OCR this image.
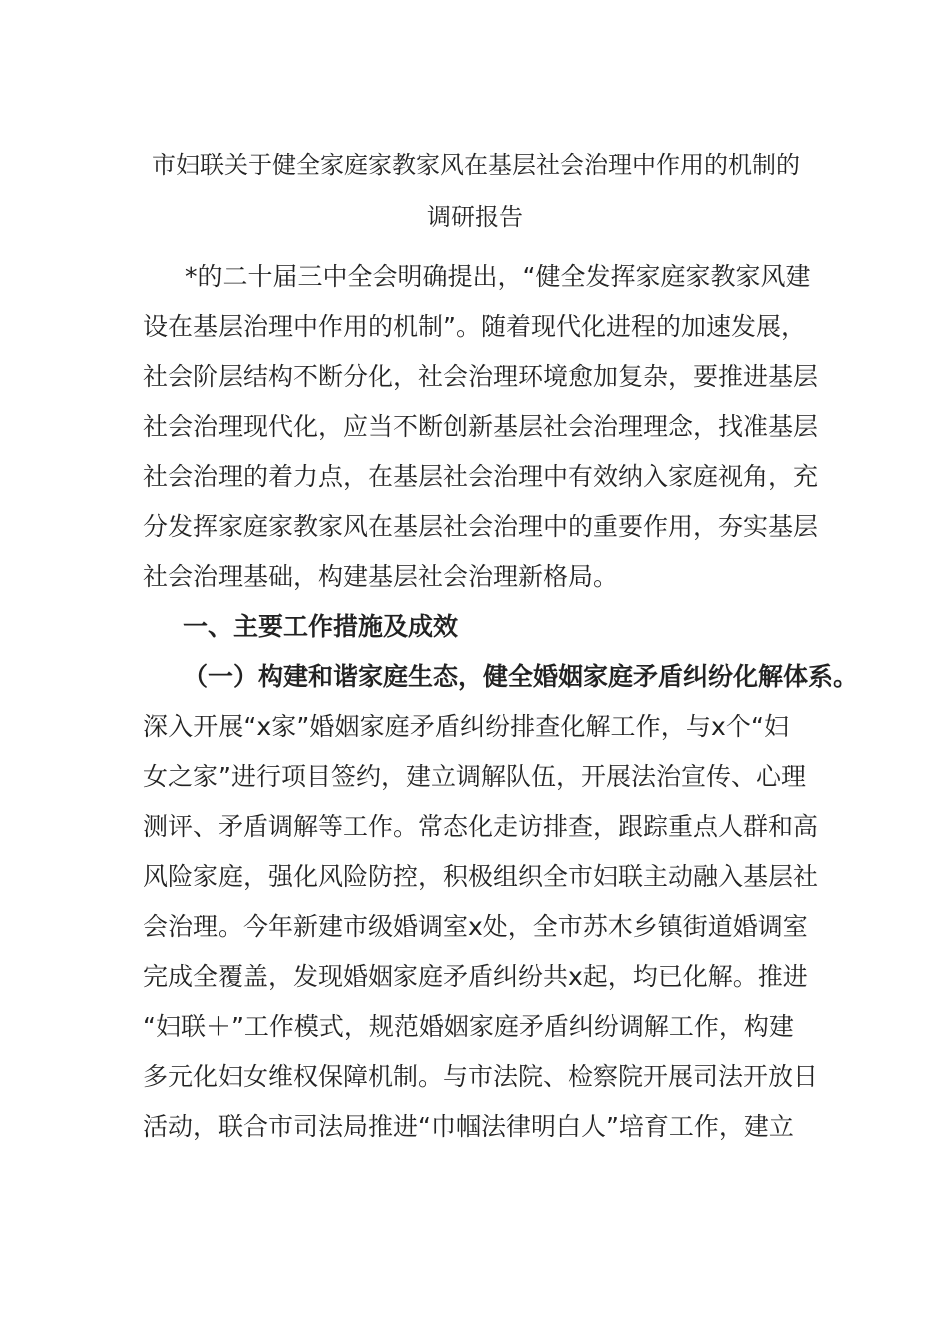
市妇联关于健全家庭家教家风在基层社会治理中作用的机制的
调研报告
*的二十届三中全会明确提出，“健全发挥家庭家教家风建
设在基层治理中作用的机制”。随着现代化进程的加速发展，
社会阶层结构不断分化，社会治理环境愈加复杂，要推进基层
社会治理现代化，应当不断创新基层社会治理理念，找准基层
社会治理的着力点，在基层社会治理中有效纳入家庭视角，充
分发挥家庭家教家风在基层社会治理中的重要作用，夯实基层
社会治理基础，构建基层社会治理新格局。
一、主要工作措施及成效
（一）构建和谐家庭生态，健全婚姻家庭矛盾纠纷化解体系。
深入开展“x家”婚姻家庭矛盾纠纷排查化解工作，与x个“妇
女之家”进行项目签约，建立调解队伍，开展法治宣传、心理
测评、矛盾调解等工作。常态化走访排查，跟踪重点人群和高
风险家庭，强化风险防控，积极组织全市妇联主动融入基层社
会治理。今年新建市级婚调室x处，全市苏木乡镇街道婚调室
完成全覆盖，发现婚姻家庭矛盾纠纷共x起，均已化解。推进
“妇联＋”工作模式，规范婚姻家庭矛盾纠纷调解工作，构建
多元化妇女维权保障机制。与市法院、检察院开展司法开放日
活动，联合市司法局推进“巾帼法律明白人”培育工作，建立
